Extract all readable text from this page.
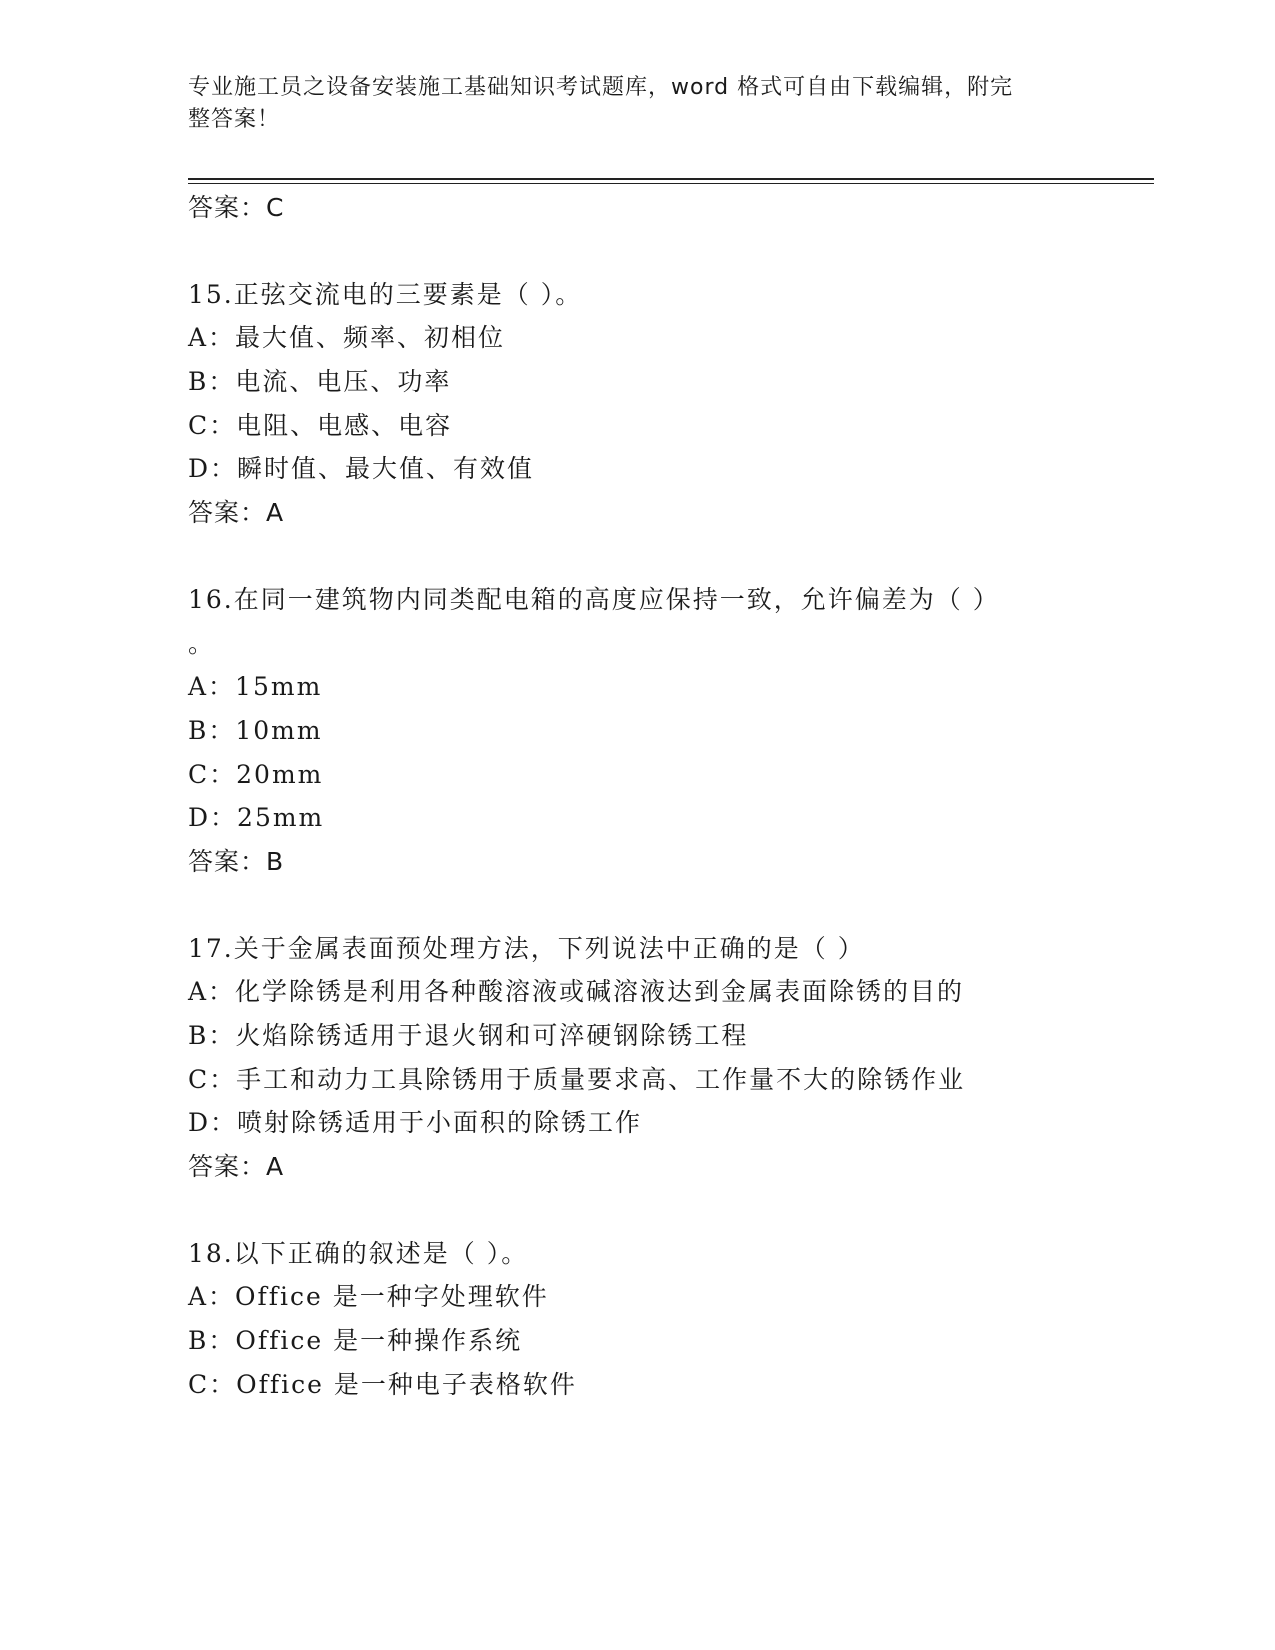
专业施工员之设备安装施工基础知识考试题库，word 格式可自由下载编辑，附完
整答案！
答案：C
15.正弦交流电的三要素是（ ）。
A：最大值、频率、初相位
B：电流、电压、功率
C：电阻、电感、电容
D：瞬时值、最大值、有效值
答案：A
16.在同一建筑物内同类配电箱的高度应保持一致，允许偏差为（ ）
。
A：15mm
B：10mm
C：20mm
D：25mm
答案：B
17.关于金属表面预处理方法，下列说法中正确的是（ ）
A：化学除锈是利用各种酸溶液或碱溶液达到金属表面除锈的目的
B：火焰除锈适用于退火钢和可淬硬钢除锈工程
C：手工和动力工具除锈用于质量要求高、工作量不大的除锈作业
D：喷射除锈适用于小面积的除锈工作
答案：A
18.以下正确的叙述是（ ）。
A：Office 是一种字处理软件
B：Office 是一种操作系统
C：Office 是一种电子表格软件
